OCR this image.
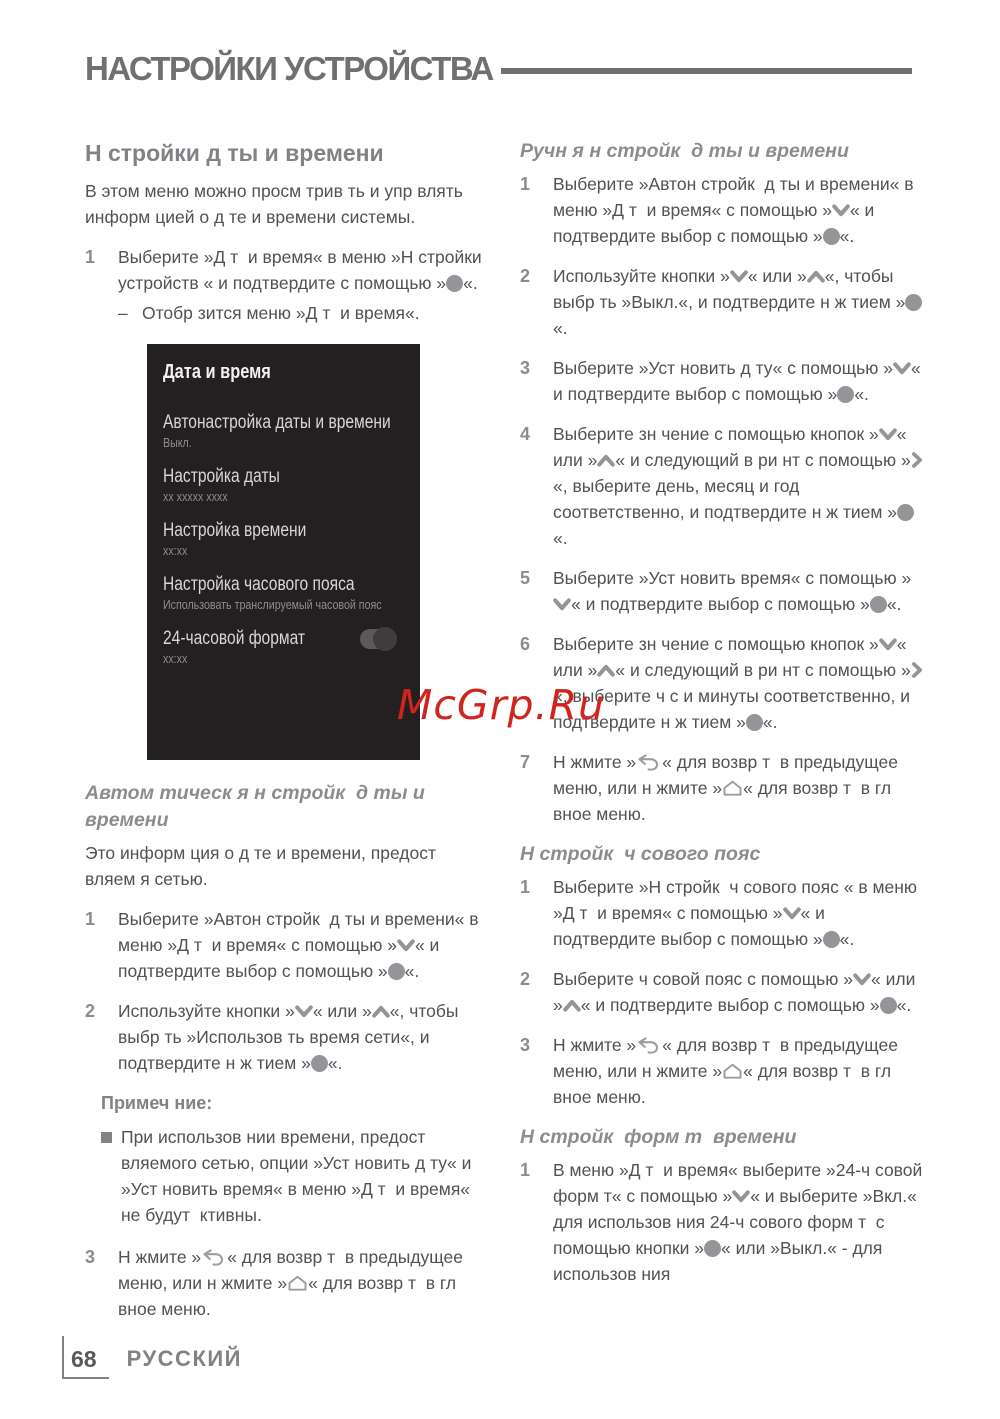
НАСТРОЙКИ УСТРОЙСТВА
Н стройки д ты и времени

В этом меню можно просм трив ть и упр влять информ цией о д те и времени системы.

1	Выберите »Д т  и время« в меню »Н стройки устройств « и подтвердите с помощью » «.
– Отобр зится меню »Д т  и время«.
Дата и время
Автонастройка даты и времени
Выкл.
Настройка даты
хх ххххх хххх
Настройка времени
хх:хх
Настройка часового пояса
Использовать транслируемый часовой пояс
24-часовой формат
хх:хх
Автом тическ я н стройк  д ты и времени

Это информ ция о д те и времени, предост вляем я сетью.

1	Выберите »Автон стройк  д ты и времени« в меню »Д т  и время« с помощью » « и подтвердите выбор с помощью » «.
2	Используйте кнопки » « или » «, чтобы выбр ть »Использов ть время сети«, и подтвердите н ж тием » «.
Примеч ние:
При использов нии времени, предост вляемого сетью, опции »Уст новить д ту« и »Уст новить время« в меню »Д т  и время« не будут  ктивны.
3	Н жмите » « для возвр т  в предыдущее меню, или н жмите » « для возвр т  в гл вное меню.
Ручн я н стройк  д ты и времени
1	Выберите »Автон стройк  д ты и времени« в меню »Д т  и время« с помощью » « и подтвердите выбор с помощью » «.
2	Используйте кнопки » « или » «, чтобы выбр ть »Выкл.«, и подтвердите н ж тием »«.
3	Выберите »Уст новить д ту« с помощью » « и подтвердите выбор с помощью » «.
4	Выберите зн чение с помощью кнопок » « или » « и следующий в ри нт с помощью »
«, выберите день, месяц и год соответственно, и подтвердите н ж тием »«.
5	Выберите »Уст новить время« с помощью »
« и подтвердите выбор с помощью » «.
6	Выберите зн чение с помощью кнопок » « или » « и следующий в ри нт с помощью »
«, выберите ч с и минуты соответственно, и подтвердите н ж тием » «.
7	Н жмите » « для возвр т  в предыдущее меню, или н жмите » « для возвр т  в гл вное меню.
Н стройк  ч сового пояс
1	Выберите »Н стройк  ч сового пояс « в меню »Д т  и время« с помощью » « и подтвердите выбор с помощью » «.
2	Выберите ч совой пояс с помощью » « или » « и подтвердите выбор с помощью » «.
3	Н жмите » « для возвр т  в предыдущее меню, или н жмите » « для возвр т  в гл вное меню.
Н стройк  форм т  времени
1	В меню »Д т  и время« выберите »24-ч совой форм т« с помощью » « и выберите »Вкл.« для использов ния 24-ч сового форм т  с помощью кнопки » « или »Выкл.« - для использов ния
McGrp.Ru
68	РУССКИЙ
